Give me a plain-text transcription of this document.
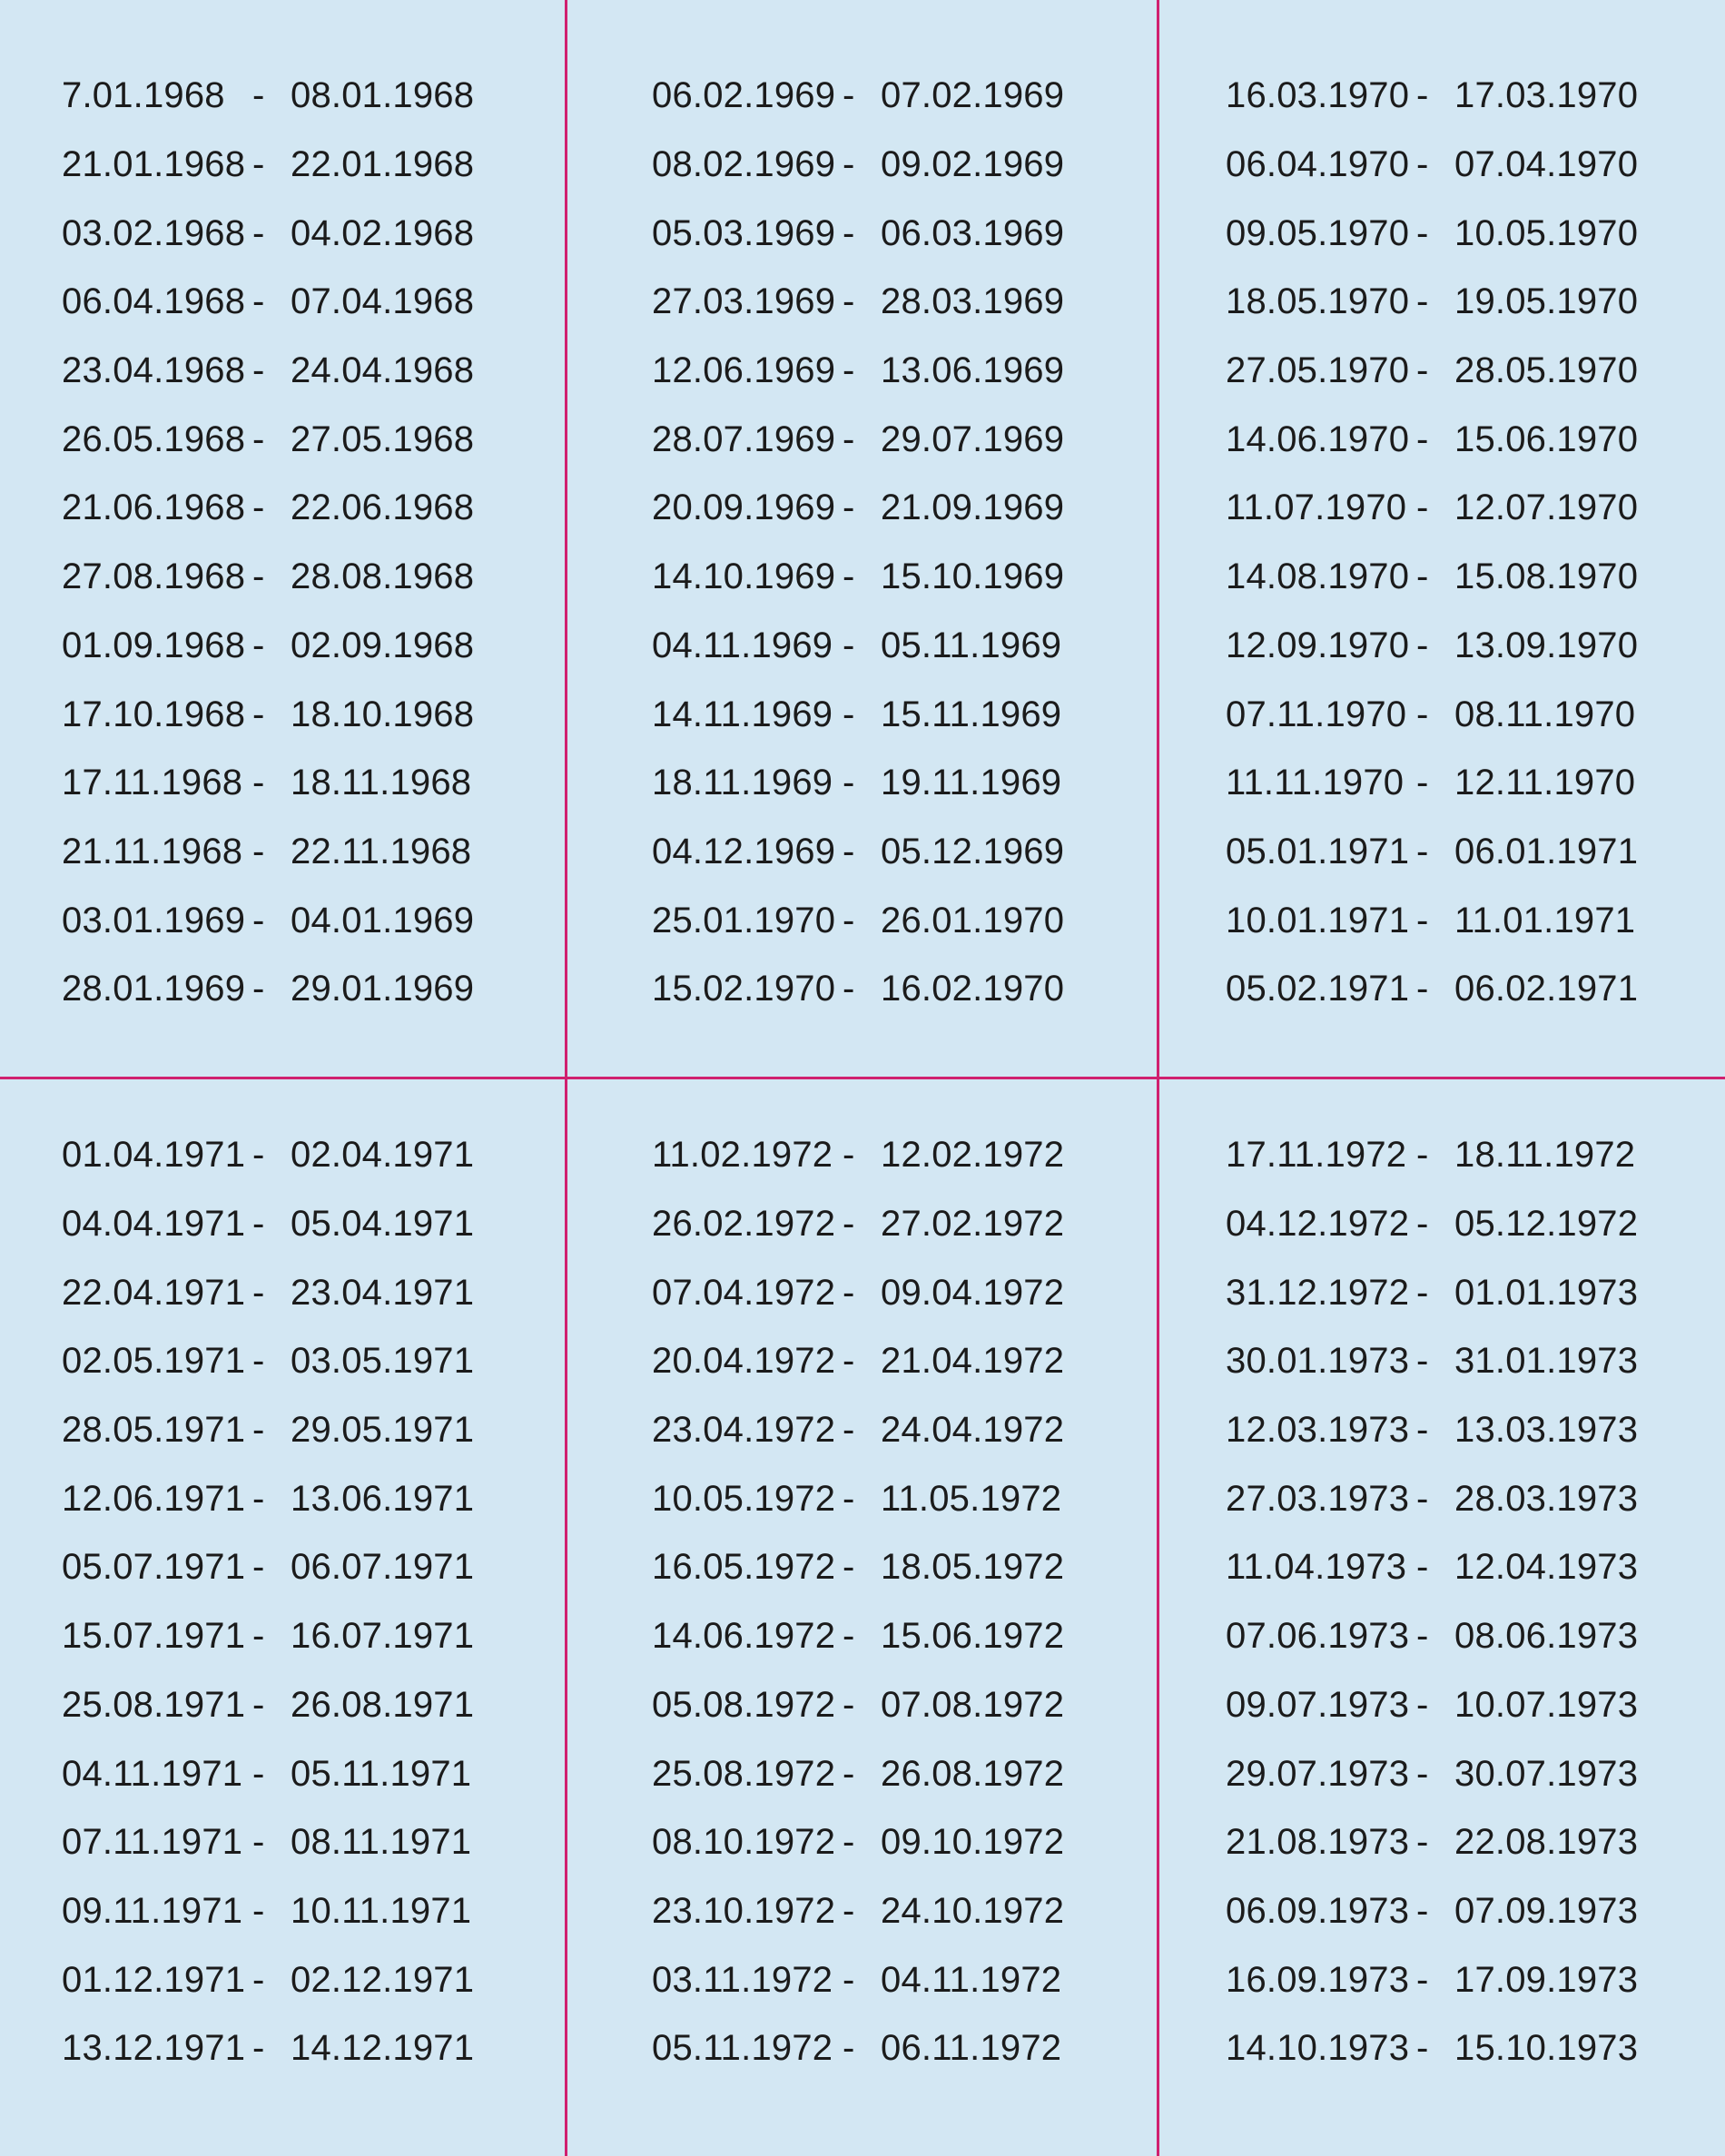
7.01.1968 - 08.01.1968
21.01.1968 - 22.01.1968
03.02.1968 - 04.02.1968
06.04.1968 - 07.04.1968
23.04.1968 - 24.04.1968
26.05.1968 - 27.05.1968
21.06.1968 - 22.06.1968
27.08.1968 - 28.08.1968
01.09.1968 - 02.09.1968
17.10.1968 - 18.10.1968
17.11.1968 - 18.11.1968
21.11.1968 - 22.11.1968
03.01.1969 - 04.01.1969
28.01.1969 - 29.01.1969
06.02.1969 - 07.02.1969
08.02.1969 - 09.02.1969
05.03.1969 - 06.03.1969
27.03.1969 - 28.03.1969
12.06.1969 - 13.06.1969
28.07.1969 - 29.07.1969
20.09.1969 - 21.09.1969
14.10.1969 - 15.10.1969
04.11.1969 - 05.11.1969
14.11.1969 - 15.11.1969
18.11.1969 - 19.11.1969
04.12.1969 - 05.12.1969
25.01.1970 - 26.01.1970
15.02.1970 - 16.02.1970
16.03.1970 - 17.03.1970
06.04.1970 - 07.04.1970
09.05.1970 - 10.05.1970
18.05.1970 - 19.05.1970
27.05.1970 - 28.05.1970
14.06.1970 - 15.06.1970
11.07.1970 - 12.07.1970
14.08.1970 - 15.08.1970
12.09.1970 - 13.09.1970
07.11.1970 - 08.11.1970
11.11.1970 - 12.11.1970
05.01.1971 - 06.01.1971
10.01.1971 - 11.01.1971
05.02.1971 - 06.02.1971
01.04.1971 - 02.04.1971
04.04.1971 - 05.04.1971
22.04.1971 - 23.04.1971
02.05.1971 - 03.05.1971
28.05.1971 - 29.05.1971
12.06.1971 - 13.06.1971
05.07.1971 - 06.07.1971
15.07.1971 - 16.07.1971
25.08.1971 - 26.08.1971
04.11.1971 - 05.11.1971
07.11.1971 - 08.11.1971
09.11.1971 - 10.11.1971
01.12.1971 - 02.12.1971
13.12.1971 - 14.12.1971
11.02.1972 - 12.02.1972
26.02.1972 - 27.02.1972
07.04.1972 - 09.04.1972
20.04.1972 - 21.04.1972
23.04.1972 - 24.04.1972
10.05.1972 - 11.05.1972
16.05.1972 - 18.05.1972
14.06.1972 - 15.06.1972
05.08.1972 - 07.08.1972
25.08.1972 - 26.08.1972
08.10.1972 - 09.10.1972
23.10.1972 - 24.10.1972
03.11.1972 - 04.11.1972
05.11.1972 - 06.11.1972
17.11.1972 - 18.11.1972
04.12.1972 - 05.12.1972
31.12.1972 - 01.01.1973
30.01.1973 - 31.01.1973
12.03.1973 - 13.03.1973
27.03.1973 - 28.03.1973
11.04.1973 - 12.04.1973
07.06.1973 - 08.06.1973
09.07.1973 - 10.07.1973
29.07.1973 - 30.07.1973
21.08.1973 - 22.08.1973
06.09.1973 - 07.09.1973
16.09.1973 - 17.09.1973
14.10.1973 - 15.10.1973
